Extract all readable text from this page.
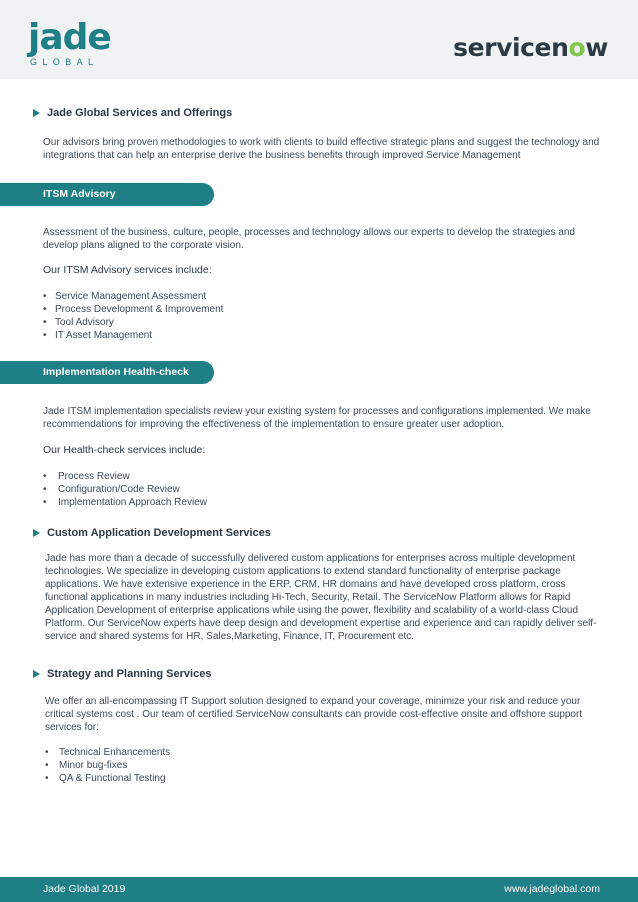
jade
GLOBAL	servicenow
Jade Global Services and Offerings

Our advisors bring proven methodologies to work with clients to build effective strategic plans and suggest the technology and integrations that can help an enterprise derive the business benefits through improved Service Management

ITSM Advisory

Assessment of the business, culture, people, processes and technology allows our experts to develop the strategies and develop plans aligned to the corporate vision.

Our ITSM Advisory services include:
• Service Management Assessment
• Process Development & Improvement
• Tool Advisory
• IT Asset Management
Implementation Health-check

Jade ITSM implementation specialists review your existing system for processes and configurations implemented. We make recommendations for improving the effectiveness of the implementation to ensure greater user adoption.

Our Health-check services include:
• Process Review
• Configuration/Code Review
• Implementation Approach Review
Custom Application Development Services

Jade has more than a decade of successfully delivered custom applications for enterprises across multiple development technologies. We specialize in developing custom applications to extend standard functionality of enterprise package applications. We have extensive experience in the ERP, CRM, HR domains and have developed cross platform, cross functional applications in many industries including Hi-Tech, Security, Retail. The ServiceNow Platform allows for Rapid Application Development of enterprise applications while using the power, flexibility and scalability of a world-class Cloud Platform. Our ServiceNow experts have deep design and development expertise and experience and can rapidly deliver self-service and shared systems for HR, Sales,Marketing, Finance, IT, Procurement etc.

Strategy and Planning Services

We offer an all-encompassing IT Support solution designed to expand your coverage, minimize your risk and reduce your critical systems cost . Our team of certified ServiceNow consultants can provide cost-effective onsite and offshore support services for:

• Technical Enhancements
• Minor bug-fixes
• QA & Functional Testing
Jade Global 2019	www.jadeglobal.com
